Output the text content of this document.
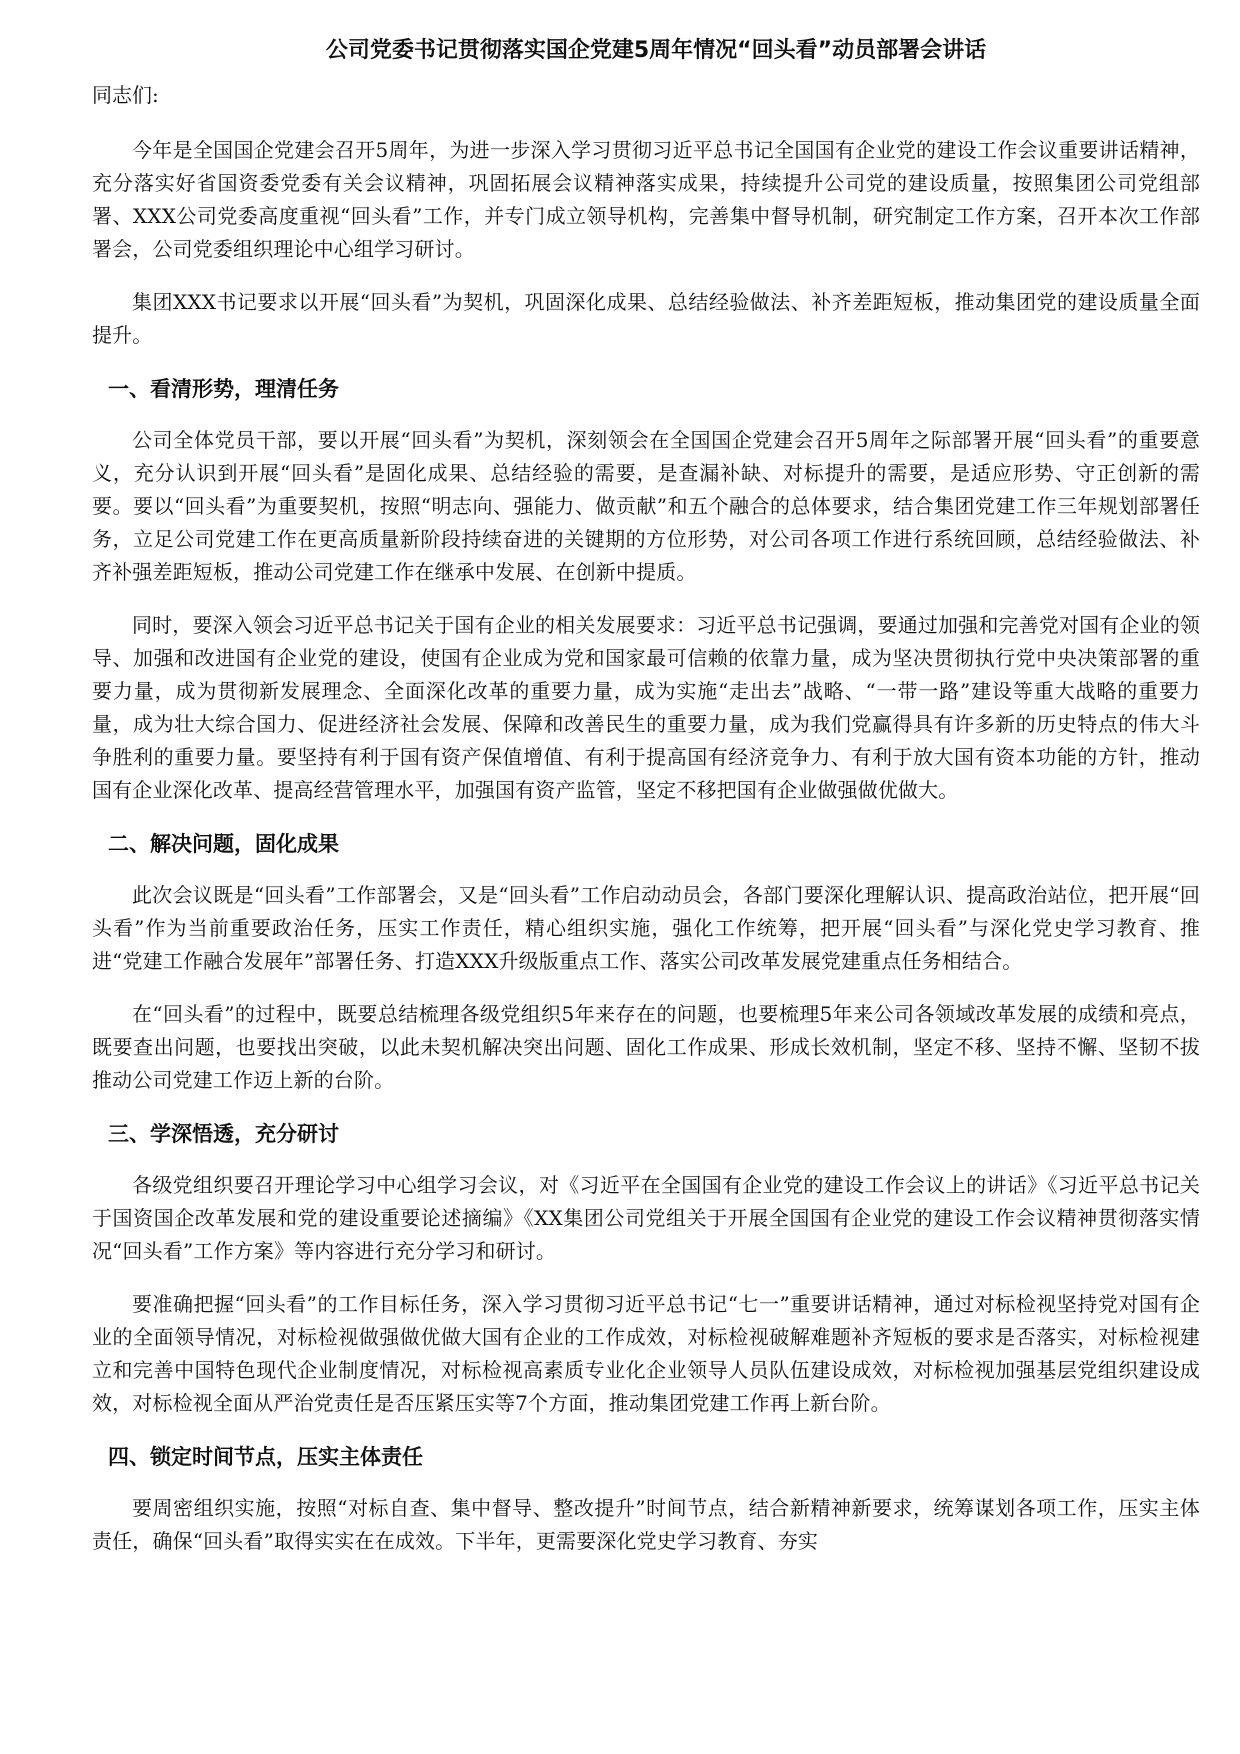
公司党委书记贯彻落实国企党建5周年情况“回头看”动员部署会讲话

同志们:

今年是全国国企党建会召开5周年，为进一步深入学习贯彻习近平总书记全国国有企业党的建设工作会议重要讲话精神，充分落实好省国资委党委有关会议精神，巩固拓展会议精神落实成果，持续提升公司党的建设质量，按照集团公司党组部署、XXX公司党委高度重视“回头看”工作，并专门成立领导机构，完善集中督导机制，研究制定工作方案，召开本次工作部署会，公司党委组织理论中心组学习研讨。

集团XXX书记要求以开展“回头看”为契机，巩固深化成果、总结经验做法、补齐差距短板，推动集团党的建设质量全面提升。

一、看清形势，理清任务

公司全体党员干部，要以开展“回头看”为契机，深刻领会在全国国企党建会召开5周年之际部署开展“回头看”的重要意义，充分认识到开展“回头看”是固化成果、总结经验的需要，是查漏补缺、对标提升的需要，是适应形势、守正创新的需要。要以“回头看”为重要契机，按照“明志向、强能力、做贡献”和五个融合的总体要求，结合集团党建工作三年规划部署任务，立足公司党建工作在更高质量新阶段持续奋进的关键期的方位形势，对公司各项工作进行系统回顾，总结经验做法、补齐补强差距短板，推动公司党建工作在继承中发展、在创新中提质。

同时，要深入领会习近平总书记关于国有企业的相关发展要求：习近平总书记强调，要通过加强和完善党对国有企业的领导、加强和改进国有企业党的建设，使国有企业成为党和国家最可信赖的依靠力量，成为坚决贯彻执行党中央决策部署的重要力量，成为贯彻新发展理念、全面深化改革的重要力量，成为实施“走出去”战略、“一带一路”建设等重大战略的重要力量，成为壮大综合国力、促进经济社会发展、保障和改善民生的重要力量，成为我们党赢得具有许多新的历史特点的伟大斗争胜利的重要力量。要坚持有利于国有资产保值增值、有利于提高国有经济竞争力、有利于放大国有资本功能的方针，推动国有企业深化改革、提高经营管理水平，加强国有资产监管，坚定不移把国有企业做强做优做大。

二、解决问题，固化成果

此次会议既是“回头看”工作部署会，又是“回头看”工作启动动员会，各部门要深化理解认识、提高政治站位，把开展“回头看”作为当前重要政治任务，压实工作责任，精心组织实施，强化工作统筹，把开展“回头看”与深化党史学习教育、推进“党建工作融合发展年”部署任务、打造XXX升级版重点工作、落实公司改革发展党建重点任务相结合。

在“回头看”的过程中，既要总结梳理各级党组织5年来存在的问题，也要梳理5年来公司各领域改革发展的成绩和亮点，既要查出问题，也要找出突破，以此未契机解决突出问题、固化工作成果、形成长效机制，坚定不移、坚持不懈、坚韧不拔推动公司党建工作迈上新的台阶。

三、学深悟透，充分研讨

各级党组织要召开理论学习中心组学习会议，对《习近平在全国国有企业党的建设工作会议上的讲话》《习近平总书记关于国资国企改革发展和党的建设重要论述摘编》《XX集团公司党组关于开展全国国有企业党的建设工作会议精神贯彻落实情况“回头看”工作方案》等内容进行充分学习和研讨。

要准确把握“回头看”的工作目标任务，深入学习贯彻习近平总书记“七一”重要讲话精神，通过对标检视坚持党对国有企业的全面领导情况，对标检视做强做优做大国有企业的工作成效，对标检视破解难题补齐短板的要求是否落实，对标检视建立和完善中国特色现代企业制度情况，对标检视高素质专业化企业领导人员队伍建设成效，对标检视加强基层党组织建设成效，对标检视全面从严治党责任是否压紧压实等7个方面，推动集团党建工作再上新台阶。

四、锁定时间节点，压实主体责任

要周密组织实施，按照“对标自查、集中督导、整改提升”时间节点，结合新精神新要求，统筹谋划各项工作，压实主体责任，确保“回头看”取得实实在在成效。下半年，更需要深化党史学习教育、夯实
